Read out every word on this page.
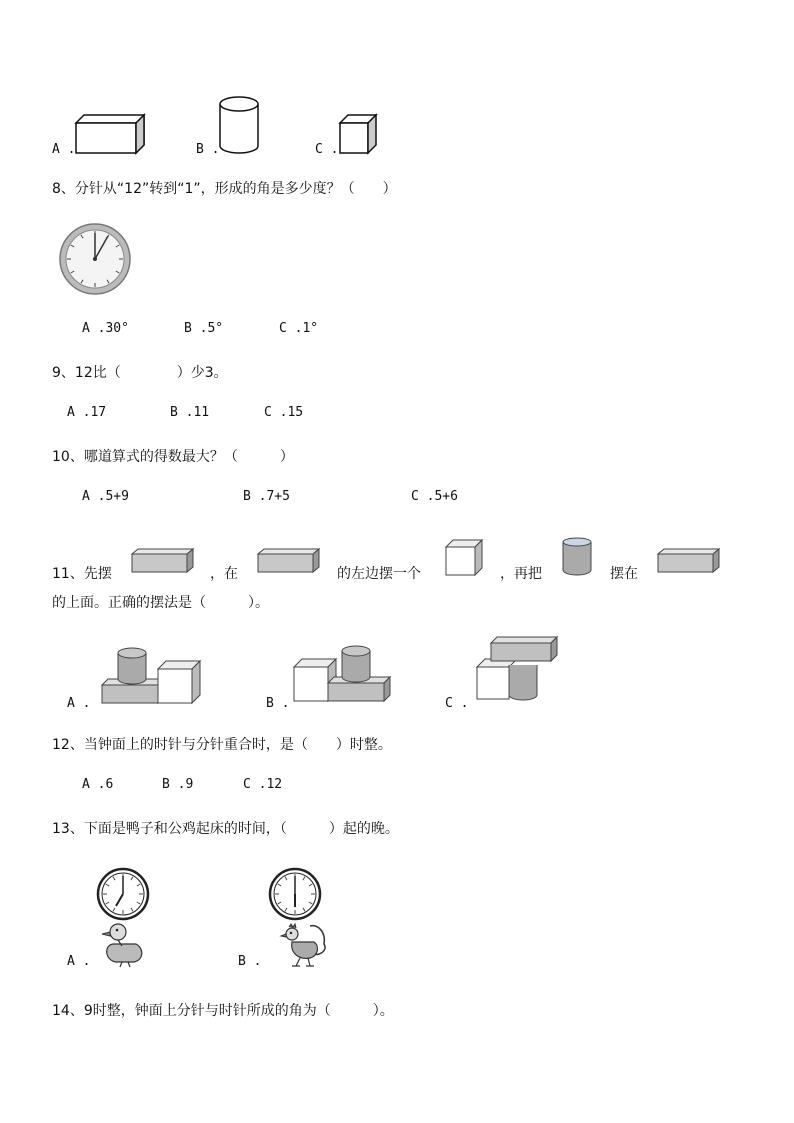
A .	B .	C .
8、分针从“12”转到“1”，形成的角是多少度？（　　）
A .30°	B .5°	C .1°
9、12比（　　　　）少3。
A .17	B .11	C .15
10、哪道算式的得数最大？（　　　）
A .5+9	B .7+5	C .5+6
11、先摆	，在	的左边摆一个	，再把	摆在
的上面。正确的摆法是（　　　）。
A .	B .	C .
12、当钟面上的时针与分针重合时，是（　　）时整。
A .6	B .9	C .12
13、下面是鸭子和公鸡起床的时间，（　　　）起的晚。
A .	B .
14、9时整，钟面上分针与时针所成的角为（　　　）。
